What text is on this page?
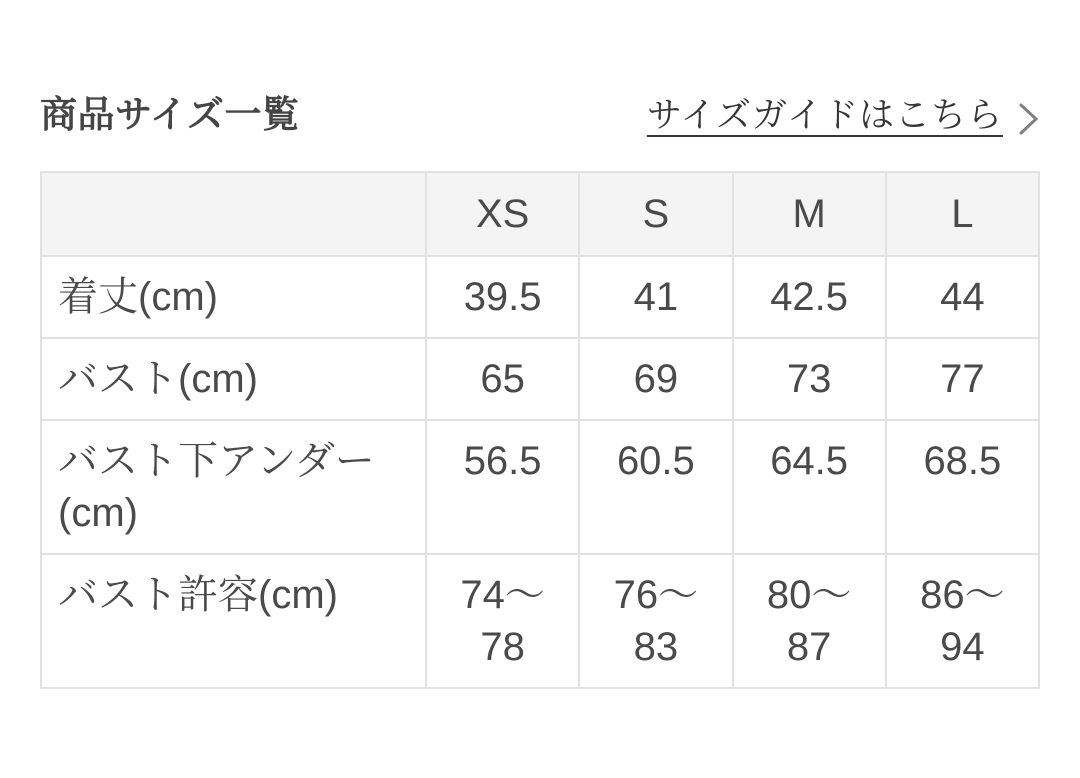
商品サイズ一覧	サイズガイドはこちら
	XS	S	M	L
着丈(cm)	39.5	41	42.5	44
バスト(cm)	65	69	73	77
バスト下アンダー(cm)	56.5	60.5	64.5	68.5
バスト許容(cm)	74〜78	76〜83	80〜87	86〜94
